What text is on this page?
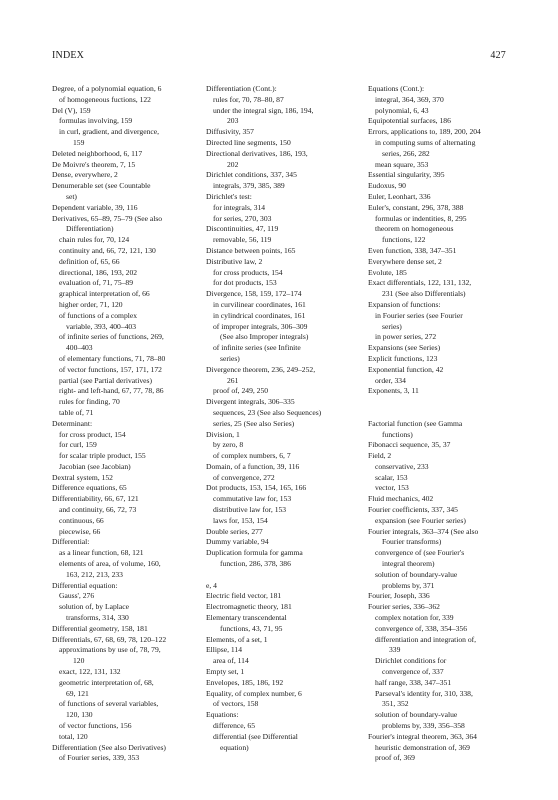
INDEX	427
Degree, of a polynomial equation, 6
of homogeneous fuctions, 122
Del (V), 159
formulas involving, 159
in curl, gradient, and divergence,
159
Deleted neighborhood, 6, 117
De Moivre's theorem, 7, 15
Dense, everywhere, 2
Denumerable set (see Countable
set)
Dependent variable, 39, 116
Derivatives, 65–89, 75–79 (See also
Differentiation)
chain rules for, 70, 124
continuity and, 66, 72, 121, 130
definition of, 65, 66
directional, 186, 193, 202
evaluation of, 71, 75–89
graphical interpretation of, 66
higher order, 71, 120
of functions of a complex
variable, 393, 400–403
of infinite series of functions, 269,
400–403
of elementary functions, 71, 78–80
of vector functions, 157, 171, 172
partial (see Partial derivatives)
right- and left-hand, 67, 77, 78, 86
rules for finding, 70
table of, 71
Determinant:
for cross product, 154
for curl, 159
for scalar triple product, 155
Jacobian (see Jacobian)
Dextral system, 152
Difference equations, 65
Differentiability, 66, 67, 121
and continuity, 66, 72, 73
continuous, 66
piecewise, 66
Differential:
as a linear function, 68, 121
elements of area, of volume, 160,
163, 212, 213, 233
Differential equation:
Gauss', 276
solution of, by Laplace
transforms, 314, 330
Differential geometry, 158, 181
Differentials, 67, 68, 69, 78, 120–122
approximations by use of, 78, 79,
120
exact, 122, 131, 132
geometric interpretation of, 68,
69, 121
of functions of several variables,
120, 130
of vector functions, 156
total, 120
Differentiation (See also Derivatives)
of Fourier series, 339, 353
Differentiation (Cont.):
rules for, 70, 78–80, 87
under the integral sign, 186, 194,
203
Diffusivity, 357
Directed line segments, 150
Directional derivatives, 186, 193,
202
Dirichlet conditions, 337, 345
integrals, 379, 385, 389
Dirichlet's test:
for integrals, 314
for series, 270, 303
Discontinuities, 47, 119
removable, 56, 119
Distance between points, 165
Distributive law, 2
for cross products, 154
for dot products, 153
Divergence, 158, 159, 172–174
in curvilinear coordinates, 161
in cylindrical coordinates, 161
of improper integrals, 306–309
(See also Improper integrals)
of infinite series (see Infinite
series)
Divergence theorem, 236, 249–252,
261
proof of, 249, 250
Divergent integrals, 306–335
sequences, 23 (See also Sequences)
series, 25 (See also Series)
Division, 1
by zero, 8
of complex numbers, 6, 7
Domain, of a function, 39, 116
of convergence, 272
Dot products, 153, 154, 165, 166
commutative law for, 153
distributive law for, 153
laws for, 153, 154
Double series, 277
Dummy variable, 94
Duplication formula for gamma
function, 286, 378, 386
e, 4
Electric field vector, 181
Electromagnetic theory, 181
Elementary transcendental
functions, 43, 71, 95
Elements, of a set, 1
Ellipse, 114
area of, 114
Empty set, 1
Envelopes, 185, 186, 192
Equality, of complex number, 6
of vectors, 158
Equations:
difference, 65
differential (see Differential
equation)
Equations (Cont.):
integral, 364, 369, 370
polynomial, 6, 43
Equipotential surfaces, 186
Errors, applications to, 189, 200, 204
in computing sums of alternating
series, 266, 282
mean square, 353
Essential singularity, 395
Eudoxus, 90
Euler, Leonhart, 336
Euler's, constant, 296, 378, 388
formulas or indentities, 8, 295
theorem on homogeneous
functions, 122
Even function, 338, 347–351
Everywhere dense set, 2
Evolute, 185
Exact differentials, 122, 131, 132,
231 (See also Differentials)
Expansion of functions:
in Fourier series (see Fourier
series)
in power series, 272
Expansions (see Series)
Explicit functions, 123
Exponential function, 42
order, 334
Exponents, 3, 11
Factorial function (see Gamma
functions)
Fibonacci sequence, 35, 37
Field, 2
conservative, 233
scalar, 153
vector, 153
Fluid mechanics, 402
Fourier coefficients, 337, 345
expansion (see Fourier series)
Fourier integrals, 363–374 (See also
Fourier transforms)
convergence of (see Fourier's
integral theorem)
solution of boundary-value
problems by, 371
Fourier, Joseph, 336
Fourier series, 336–362
complex notation for, 339
convergence of, 338, 354–356
differentiation and integration of,
339
Dirichlet conditions for
convergence of, 337
half range, 338, 347–351
Parseval's identity for, 310, 338,
351, 352
solution of boundary-value
problems by, 339, 356–358
Fourier's integral theorem, 363, 364
heuristic demonstration of, 369
proof of, 369
